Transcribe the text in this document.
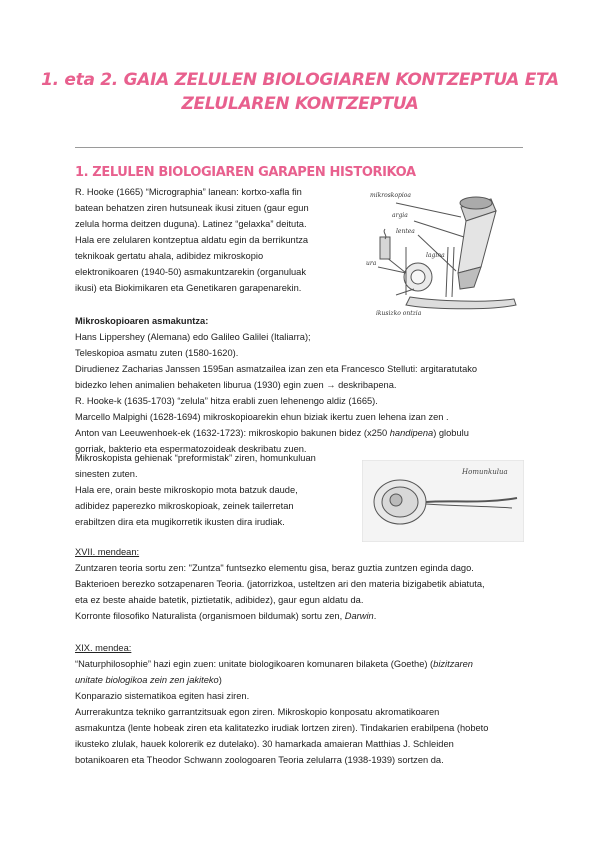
1. eta 2. GAIA ZELULEN BIOLOGIAREN KONTZEPTUA ETA
ZELULAREN KONTZEPTUA
1. ZELULEN BIOLOGIAREN GARAPEN HISTORIKOA
R. Hooke (1665) “Micrographia” lanean: kortxo-xafla fin
batean behatzen ziren hutsuneak ikusi zituen (gaur egun
zelula horma deitzen duguna). Latinez “gelaxka” deituta.
Hala ere zelularen kontzeptua aldatu egin da berrikuntza
teknikoak gertatu ahala, adibidez mikroskopio
elektronikoaren (1940-50) asmakuntzarekin (organuluak
ikusi) eta Biokimikaren eta Genetikaren garapenarekin.
mikroskopioa
argia
lentea
ura
lagina
ikusizko ontzia
Mikroskopioaren asmakuntza:
Hans Lippershey (Alemana) edo Galileo Galilei (Italiarra);
Teleskopioa asmatu zuten (1580-1620).
Dirudienez Zacharias Janssen 1595an asmatzailea izan zen eta Francesco Stelluti: argitaratutako
bidezko lehen animalien behaketen liburua (1930) egin zuen → deskribapena.
R. Hooke-k (1635-1703) “zelula” hitza erabli zuen lehenengo aldiz (1665).
Marcello Malpighi (1628-1694) mikroskopioarekin ehun biziak ikertu zuen lehena izan zen .
Anton van Leeuwenhoek-ek (1632-1723): mikroskopio bakunen bidez (x250 handipena) globulu
gorriak, bakterio eta espermatozoideak deskribatu zuen.
Mikroskopista gehienak “preformistak” ziren, homunkuluan
sinesten zuten.
Hala ere, orain beste mikroskopio mota batzuk daude,
adibidez paperezko mikroskopioak, zeinek tailerretan
erabiltzen dira eta mugikorretik ikusten dira irudiak.
Homunkulua
XVII. mendean:
Zuntzaren teoria sortu zen: "Zuntza" funtsezko elementu gisa, beraz guztia zuntzen eginda dago.
Bakterioen berezko sotzapenaren Teoria. (jatorrizkoa, usteltzen ari den materia bizigabetik abiatuta,
eta ez beste ahaide batetik, piztietatik, adibidez), gaur egun aldatu da.
Korronte filosofiko Naturalista (organismoen bildumak) sortu zen, Darwin.
XIX. mendea:
“Naturphilosophie” hazi egin zuen: unitate biologikoaren komunaren bilaketa (Goethe) (bizitzaren
unitate biologikoa zein zen jakiteko)
Konparazio sistematikoa egiten hasi ziren.
Aurrerakuntza tekniko garrantzitsuak egon ziren. Mikroskopio konposatu akromatikoaren
asmakuntza (lente hobeak ziren eta kalitatezko irudiak lortzen ziren). Tindakarien erabilpena (hobeto
ikusteko zlulak, hauek kolorerik ez dutelako). 30 hamarkada amaieran Matthias J. Schleiden
botanikoaren eta Theodor Schwann zoologoaren Teoria zelularra (1938-1939) sortzen da.
